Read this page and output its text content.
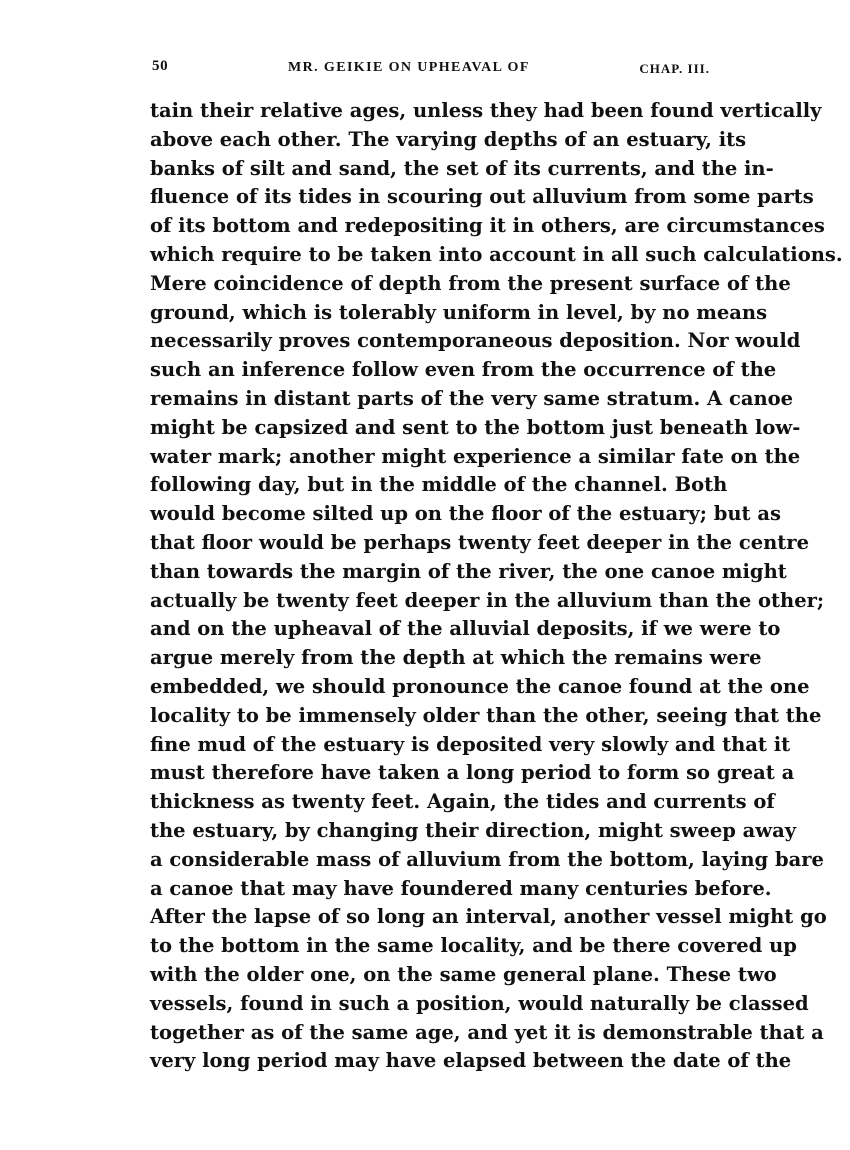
50	MR. GEIKIE ON UPHEAVAL OF	CHAP. III.
tain their relative ages, unless they had been found vertically
above each other. The varying depths of an estuary, its
banks of silt and sand, the set of its currents, and the in-
fluence of its tides in scouring out alluvium from some parts
of its bottom and redepositing it in others, are circumstances
which require to be taken into account in all such calculations.
Mere coincidence of depth from the present surface of the
ground, which is tolerably uniform in level, by no means
necessarily proves contemporaneous deposition. Nor would
such an inference follow even from the occurrence of the
remains in distant parts of the very same stratum. A canoe
might be capsized and sent to the bottom just beneath low-
water mark; another might experience a similar fate on the
following day, but in the middle of the channel. Both
would become silted up on the floor of the estuary; but as
that floor would be perhaps twenty feet deeper in the centre
than towards the margin of the river, the one canoe might
actually be twenty feet deeper in the alluvium than the other;
and on the upheaval of the alluvial deposits, if we were to
argue merely from the depth at which the remains were
embedded, we should pronounce the canoe found at the one
locality to be immensely older than the other, seeing that the
fine mud of the estuary is deposited very slowly and that it
must therefore have taken a long period to form so great a
thickness as twenty feet. Again, the tides and currents of
the estuary, by changing their direction, might sweep away
a considerable mass of alluvium from the bottom, laying bare
a canoe that may have foundered many centuries before.
After the lapse of so long an interval, another vessel might go
to the bottom in the same locality, and be there covered up
with the older one, on the same general plane. These two
vessels, found in such a position, would naturally be classed
together as of the same age, and yet it is demonstrable that a
very long period may have elapsed between the date of the
